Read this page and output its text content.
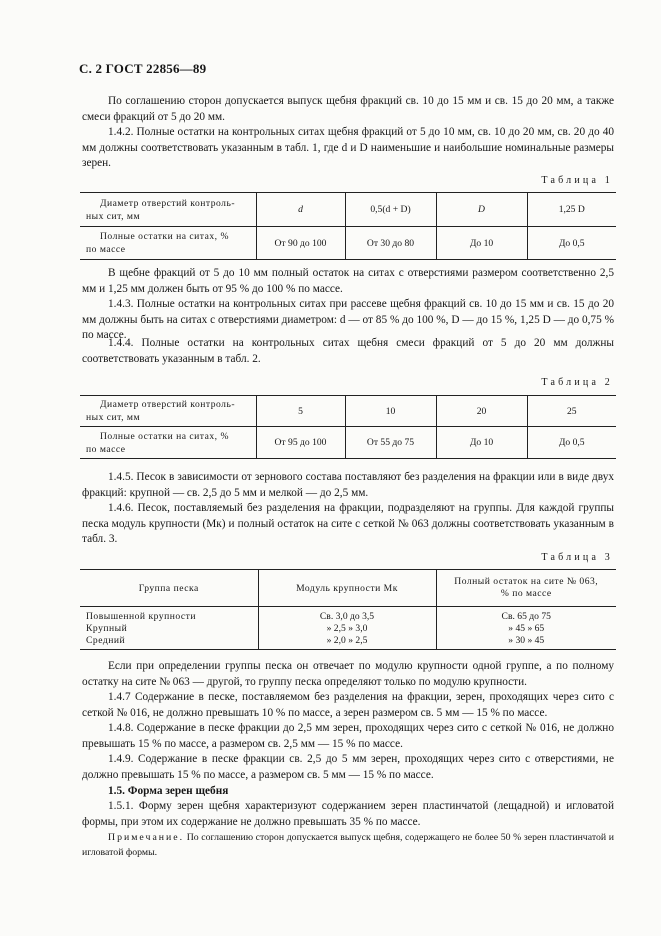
С. 2 ГОСТ 22856—89
По соглашению сторон допускается выпуск щебня фракций св. 10 до 15 мм и св. 15 до 20 мм, а также смеси фракций от 5 до 20 мм.
1.4.2. Полные остатки на контрольных ситах щебня фракций от 5 до 10 мм, св. 10 до 20 мм, св. 20 до 40 мм должны соответствовать указанным в табл. 1, где d и D наименьшие и наибольшие номинальные размеры зерен.
Таблица 1
Диаметр отверстий контроль-
ных сит, мм	d	0,5(d + D)	D	1,25 D

Полные остатки на ситах, %
по массе	От 90 до 100	От 30 до 80	До 10	До 0,5
В щебне фракций от 5 до 10 мм полный остаток на ситах с отверстиями размером соответственно 2,5 мм и 1,25 мм должен быть от 95 % до 100 % по массе.
1.4.3. Полные остатки на контрольных ситах при рассеве щебня фракций св. 10 до 15 мм и св. 15 до 20 мм должны быть на ситах с отверстиями диаметром: d — от 85 % до 100 %, D — до 15 %, 1,25 D — до 0,75 % по массе.
1.4.4. Полные остатки на контрольных ситах щебня смеси фракций от 5 до 20 мм должны соответствовать указанным в табл. 2.
Таблица 2
Диаметр отверстий контроль-
ных сит, мм	5	10	20	25

Полные остатки на ситах, %
по массе	От 95 до 100	От 55 до 75	До 10	До 0,5
1.4.5. Песок в зависимости от зернового состава поставляют без разделения на фракции или в виде двух фракций: крупной — св. 2,5 до 5 мм и мелкой — до 2,5 мм.
1.4.6. Песок, поставляемый без разделения на фракции, подразделяют на группы. Для каждой группы песка модуль крупности (Mк) и полный остаток на сите с сеткой № 063 должны соответствовать указанным в табл. 3.
Таблица 3
Группа песка	Модуль крупности Mк	Полный остаток на сите № 063,
% по массе

Повышенной крупности	Св. 3,0 до 3,5	Св. 65 до 75
Крупный	» 2,5 » 3,0	» 45 » 65
Средний	» 2,0 » 2,5	» 30 » 45
Если при определении группы песка он отвечает по модулю крупности одной группе, а по полному остатку на сите № 063 — другой, то группу песка определяют только по модулю крупности.
1.4.7 Содержание в песке, поставляемом без разделения на фракции, зерен, проходящих через сито с сеткой № 016, не должно превышать 10 % по массе, а зерен размером св. 5 мм — 15 % по массе.
1.4.8. Содержание в песке фракции до 2,5 мм зерен, проходящих через сито с сеткой № 016, не должно превышать 15 % по массе, а размером св. 2,5 мм — 15 % по массе.
1.4.9. Содержание в песке фракции св. 2,5 до 5 мм зерен, проходящих через сито с отверстиями, не должно превышать 15 % по массе, а размером св. 5 мм — 15 % по массе.
1.5. Форма зерен щебня
1.5.1. Форму зерен щебня характеризуют содержанием зерен пластинчатой (лещадной) и игловатой формы, при этом их содержание не должно превышать 35 % по массе.
Примечание. По соглашению сторон допускается выпуск щебня, содержащего не более 50 % зерен пластинчатой и игловатой формы.
